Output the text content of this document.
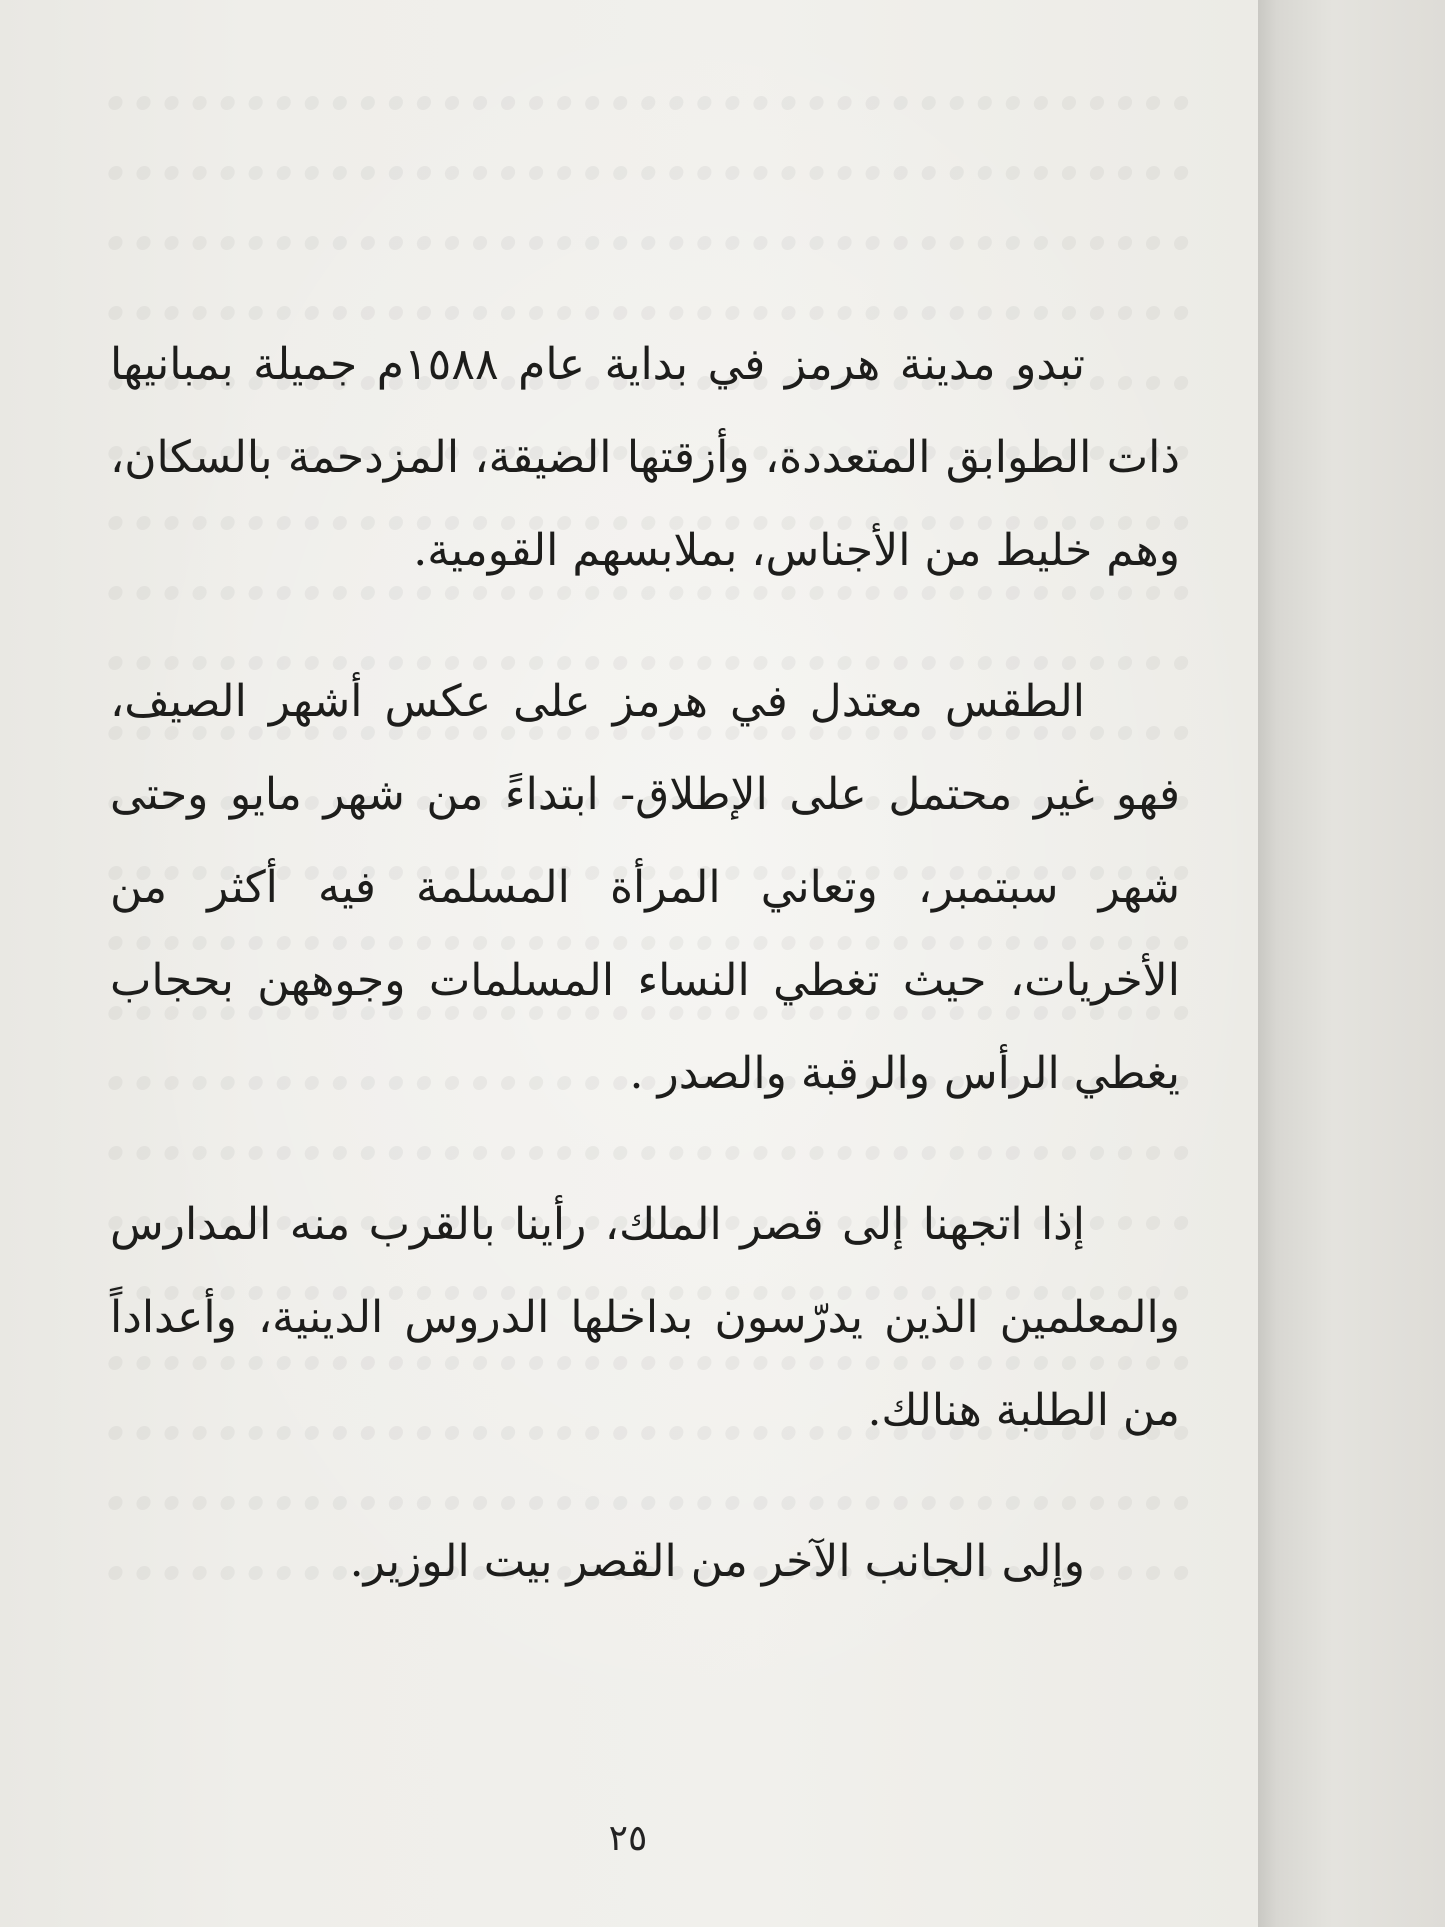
تبدو مدينة هرمز في بداية عام ١٥٨٨م جميلة بمبانيها ذات الطوابق المتعددة، وأزقتها الضيقة، المزدحمة بالسكان، وهم خليط من الأجناس، بملابسهم القومية.

الطقس معتدل في هرمز على عكس أشهر الصيف، فهو غير محتمل على الإطلاق- ابتداءً من شهر مايو وحتى شهر سبتمبر، وتعاني المرأة المسلمة فيه أكثر من الأخريات، حيث تغطي النساء المسلمات وجوههن بحجاب يغطي الرأس والرقبة والصدر .

إذا اتجهنا إلى قصر الملك، رأينا بالقرب منه المدارس والمعلمين الذين يدرّسون بداخلها الدروس الدينية، وأعداداً من الطلبة هنالك.

وإلى الجانب الآخر من القصر بيت الوزير.

٢٥
